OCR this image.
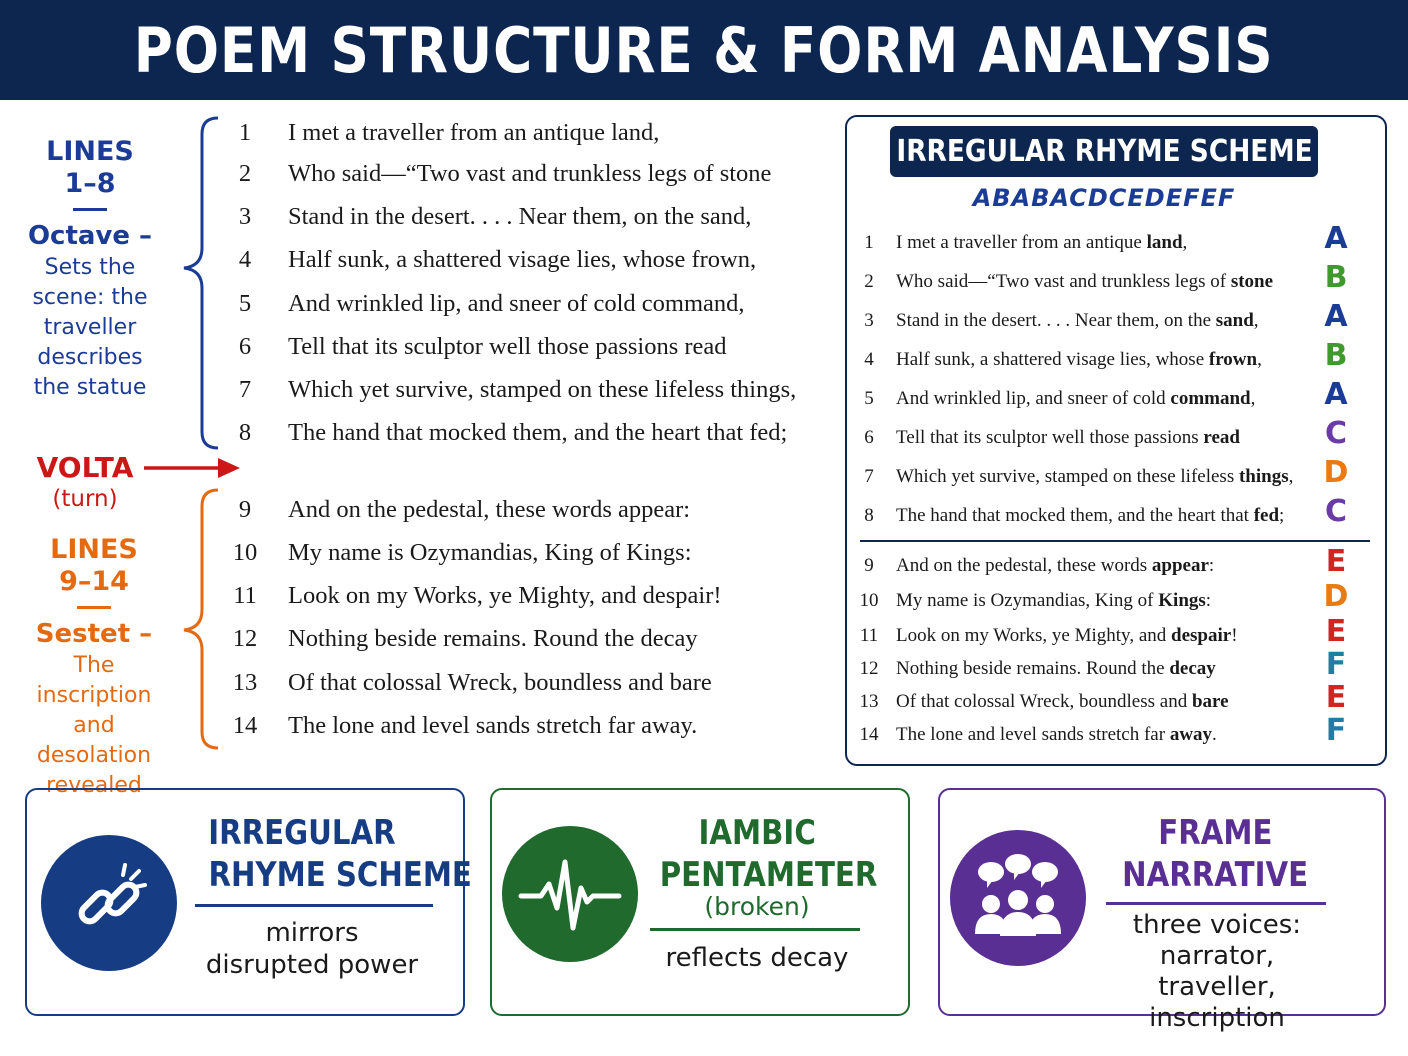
POEM STRUCTURE & FORM ANALYSIS
LINES
1–8
Octave –
Sets the
scene: the
traveller
describes
the statue
VOLTA
(turn)
LINES
9–14
Sestet –
The inscription
and desolation
revealed
1	I met a traveller from an antique land,
2	Who said—“Two vast and trunkless legs of stone
3	Stand in the desert. . . . Near them, on the sand,
4	Half sunk, a shattered visage lies, whose frown,
5	And wrinkled lip, and sneer of cold command,
6	Tell that its sculptor well those passions read
7	Which yet survive, stamped on these lifeless things,
8	The hand that mocked them, and the heart that fed;
9	And on the pedestal, these words appear:
10 My name is Ozymandias, King of Kings:
11 Look on my Works, ye Mighty, and despair!
12 Nothing beside remains. Round the decay
13 Of that colossal Wreck, boundless and bare
14 The lone and level sands stretch far away.
IRREGULAR RHYME SCHEME
ABABACDCEDEFEF
1	I met a traveller from an antique land,	A
2	Who said—“Two vast and trunkless legs of stone B
3	Stand in the desert. . . . Near them, on the sand, A
4	Half sunk, a shattered visage lies, whose frown, B
5	And wrinkled lip, and sneer of cold command, A
6	Tell that its sculptor well those passions read	C
7	Which yet survive, stamped on these lifeless things, D
8	The hand that mocked them, and the heart that fed; C
9	And on the pedestal, these words appear:	E
10 My name is Ozymandias, King of Kings:	D
11 Look on my Works, ye Mighty, and despair!	E
12 Nothing beside remains. Round the decay	F
13 Of that colossal Wreck, boundless and bare	E
14 The lone and level sands stretch far away.	F
IRREGULAR
RHYME SCHEME
mirrors
disrupted power
IAMBIC
PENTAMETER
(broken)
reflects decay
FRAME
NARRATIVE
three voices:
narrator, traveller,
inscription
